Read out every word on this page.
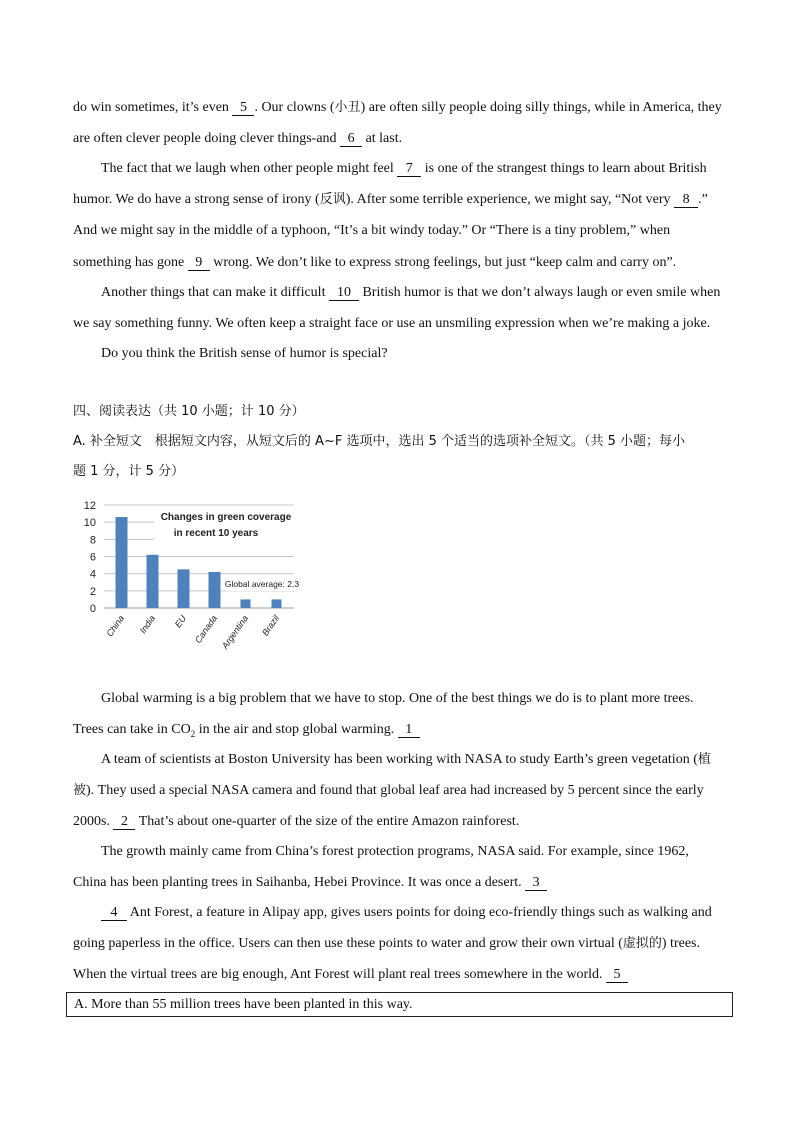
do win sometimes, it’s even 5 . Our clowns (小丑) are often silly people doing silly things, while in America, they
are often clever people doing clever things-and 6 at last.
The fact that we laugh when other people might feel 7 is one of the strangest things to learn about British
humor. We do have a strong sense of irony (反讽). After some terrible experience, we might say, “Not very 8 .”
And we might say in the middle of a typhoon, “It’s a bit windy today.” Or “There is a tiny problem,” when
something has gone 9 wrong. We don’t like to express strong feelings, but just “keep calm and carry on”.
Another things that can make it difficult 10 British humor is that we don’t always laugh or even smile when
we say something funny. We often keep a straight face or use an unsmiling expression when we’re making a joke.
Do you think the British sense of humor is special?
四、阅读表达（共 10 小题；计 10 分）
A. 补全短文　根据短文内容，从短文后的 A~F 选项中，选出 5 个适当的选项补全短文。（共 5 小题；每小
题 1 分，计 5 分）
0
2
4
6
8
10
12
China India EU Canada Argentina Brazil
Changes in green coverage
in recent 10 years
Global average: 2.3
Global warming is a big problem that we have to stop. One of the best things we do is to plant more trees.
Trees can take in $CO_2$ in the air and stop global warming. 1
A team of scientists at Boston University has been working with NASA to study Earth’s green vegetation (植
被). They used a special NASA camera and found that global leaf area had increased by 5 percent since the early
2000s. 2 That’s about one-quarter of the size of the entire Amazon rainforest.
The growth mainly came from China’s forest protection programs, NASA said. For example, since 1962,
China has been planting trees in Saihanba, Hebei Province. It was once a desert. 3
4 Ant Forest, a feature in Alipay app, gives users points for doing eco-friendly things such as walking and
going paperless in the office. Users can then use these points to water and grow their own virtual (虚拟的) trees.
When the virtual trees are big enough, Ant Forest will plant real trees somewhere in the world. 5
A. More than 55 million trees have been planted in this way.
